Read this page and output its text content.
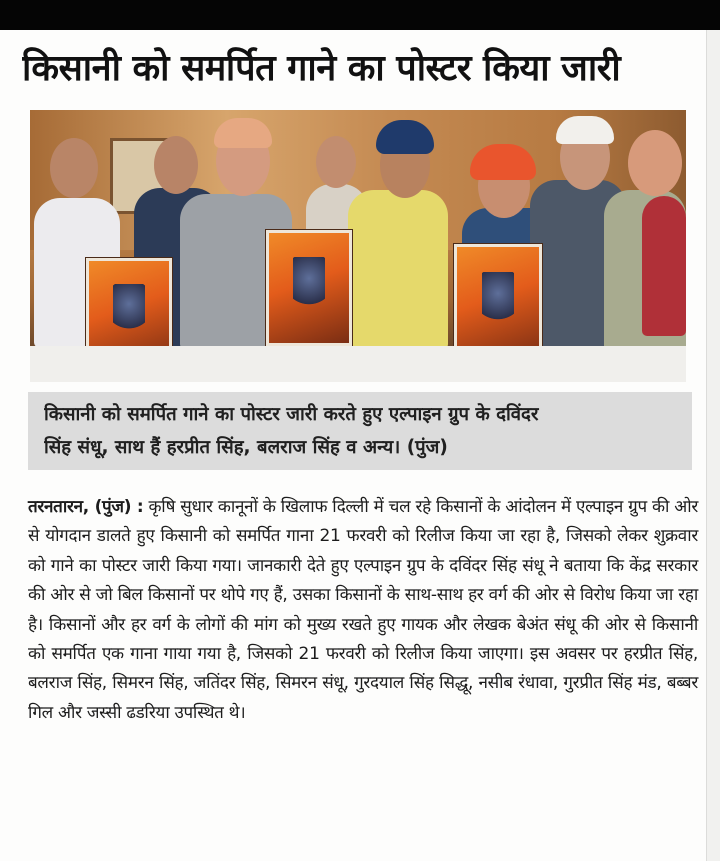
किसानी को समर्पित गाने का पोस्टर किया जारी

किसानी को समर्पित गाने का पोस्टर जारी करते हुए एल्पाइन ग्रुप के दविंदर

सिंह संधू, साथ हैं हरप्रीत सिंह, बलराज सिंह व अन्य। (पुंज)

तरनतारन, (पुंज) : कृषि सुधार कानूनों के खिलाफ दिल्ली में चल रहे किसानों के आंदोलन में एल्पाइन ग्रुप की ओर से योगदान डालते हुए किसानी को समर्पित गाना 21 फरवरी को रिलीज किया जा रहा है, जिसको लेकर शुक्रवार को गाने का पोस्टर जारी किया गया। जानकारी देते हुए एल्पाइन ग्रुप के दविंदर सिंह संधू ने बताया कि केंद्र सरकार की ओर से जो बिल किसानों पर थोपे गए हैं, उसका किसानों के साथ-साथ हर वर्ग की ओर से विरोध किया जा रहा है। किसानों और हर वर्ग के लोगों की मांग को मुख्य रखते हुए गायक और लेखक बेअंत संधू की ओर से किसानी को समर्पित एक गाना गाया गया है, जिसको 21 फरवरी को रिलीज किया जाएगा। इस अवसर पर हरप्रीत सिंह, बलराज सिंह, सिमरन सिंह, जतिंदर सिंह, सिमरन संधू, गुरदयाल सिंह सिद्धू, नसीब रंधावा, गुरप्रीत सिंह मंड, बब्बर गिल और जस्सी ढडरिया उपस्थित थे।
